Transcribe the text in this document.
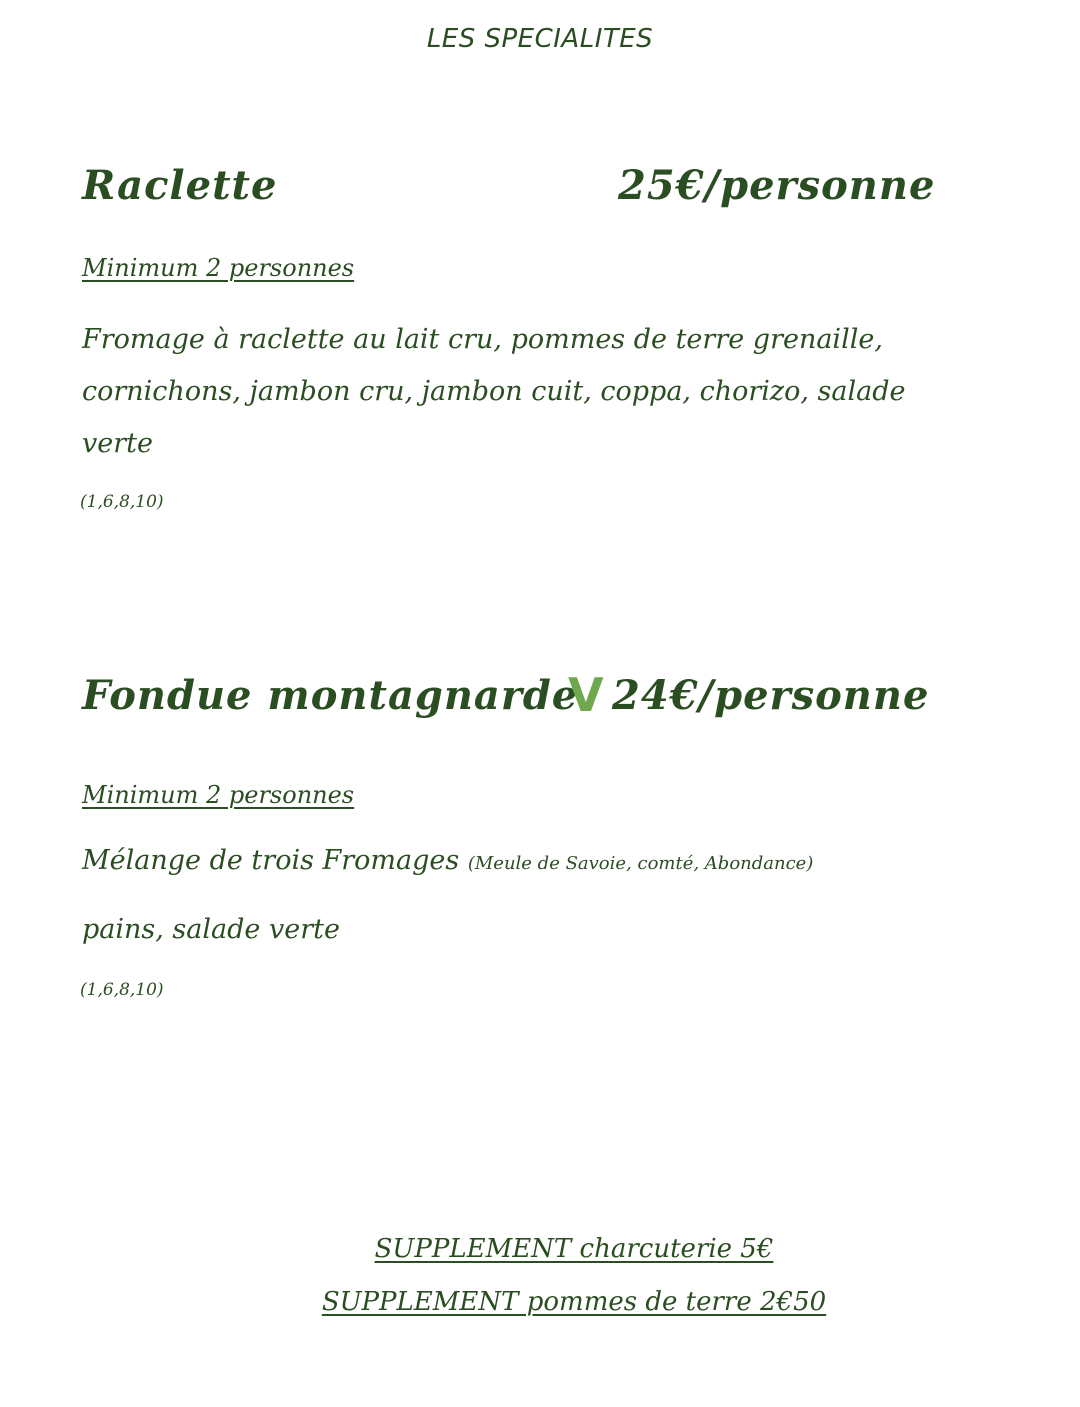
LES SPECIALITES
Raclette	25€/personne
Minimum 2 personnes
Fromage à raclette au lait cru, pommes de terre grenaille,
cornichons, jambon cru, jambon cuit, coppa, chorizo, salade
verte
(1,6,8,10)
Fondue montagnarde
V 24€/personne
Minimum 2 personnes
Mélange de trois Fromages (Meule de Savoie, comté, Abondance)
pains, salade verte
(1,6,8,10)
SUPPLEMENT charcuterie 5€
SUPPLEMENT pommes de terre 2€50
